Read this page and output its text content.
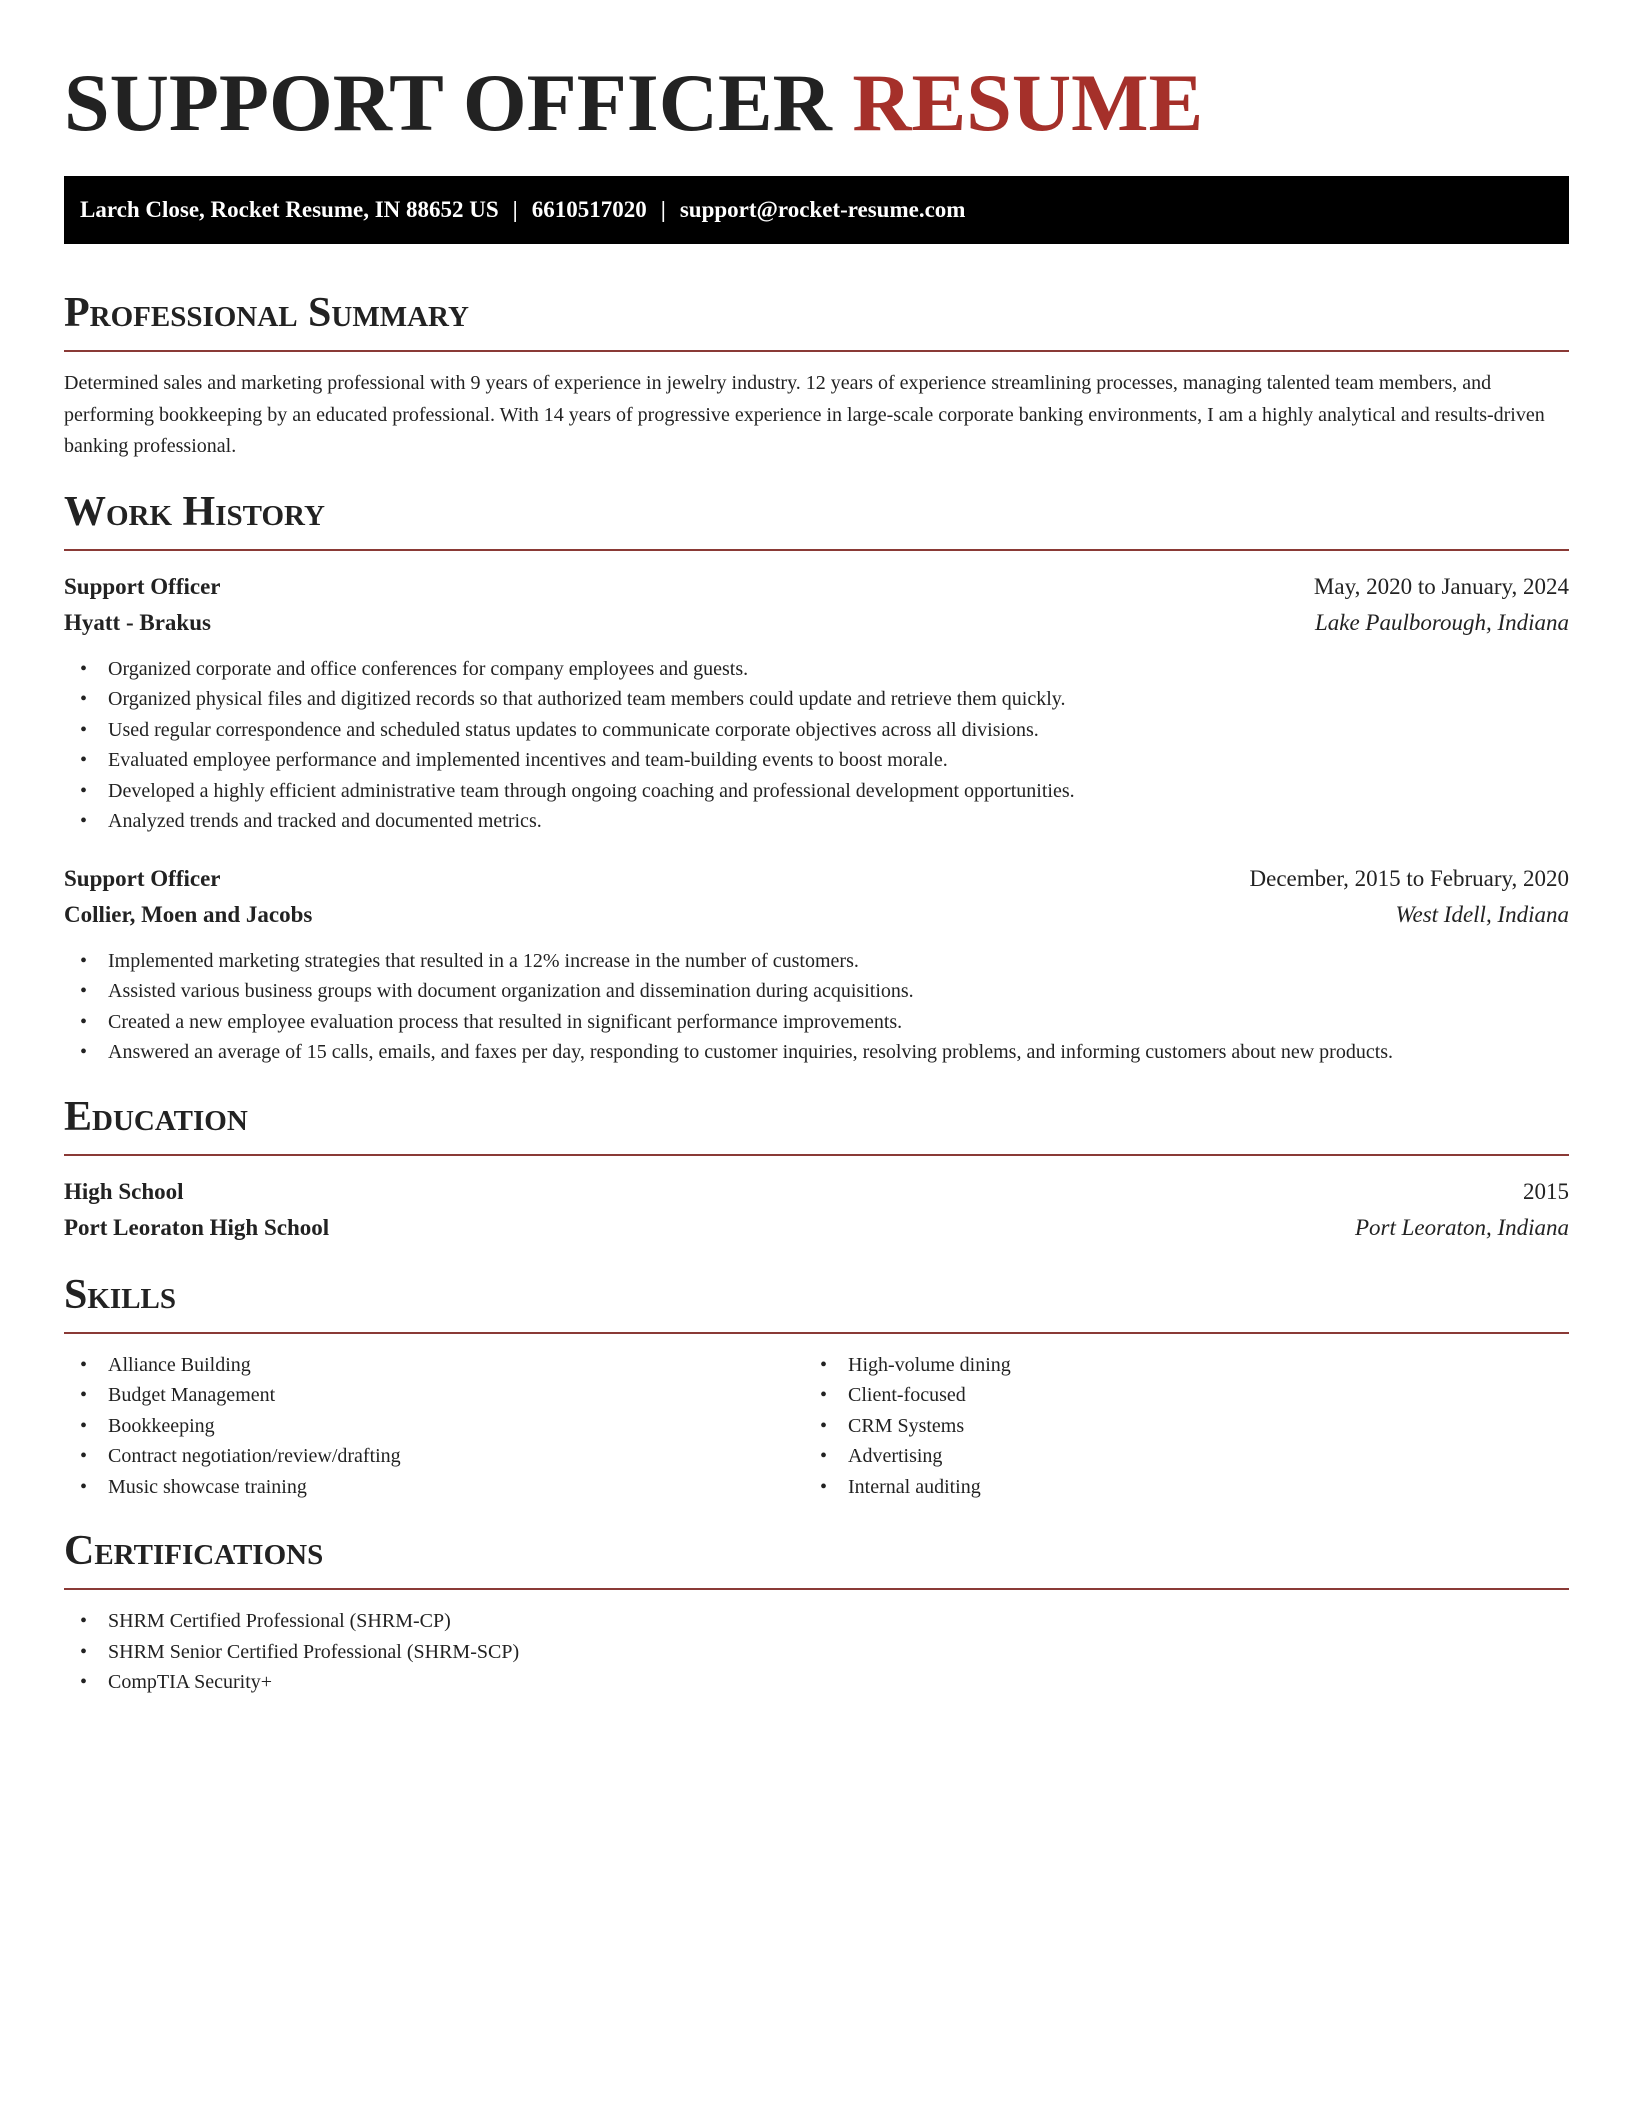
SUPPORT OFFICER RESUME
Larch Close, Rocket Resume, IN 88652 US | 6610517020 | support@rocket-resume.com
Professional Summary

Determined sales and marketing professional with 9 years of experience in jewelry industry. 12 years of experience streamlining processes, managing talented team members, and performing bookkeeping by an educated professional. With 14 years of progressive experience in large-scale corporate banking environments, I am a highly analytical and results-driven banking professional.

Work History
Support Officer	May, 2020 to January, 2024
Hyatt - Brakus	Lake Paulborough, Indiana
• Organized corporate and office conferences for company employees and guests.
• Organized physical files and digitized records so that authorized team members could update and retrieve them quickly.
• Used regular correspondence and scheduled status updates to communicate corporate objectives across all divisions.
• Evaluated employee performance and implemented incentives and team-building events to boost morale.
• Developed a highly efficient administrative team through ongoing coaching and professional development opportunities.
• Analyzed trends and tracked and documented metrics.
Support Officer	December, 2015 to February, 2020
Collier, Moen and Jacobs	West Idell, Indiana
• Implemented marketing strategies that resulted in a 12% increase in the number of customers.
• Assisted various business groups with document organization and dissemination during acquisitions.
• Created a new employee evaluation process that resulted in significant performance improvements.
• Answered an average of 15 calls, emails, and faxes per day, responding to customer inquiries, resolving problems, and informing customers about new products.
Education
High School	2015
Port Leoraton High School	Port Leoraton, Indiana
Skills
• Alliance Building
• Budget Management
• Bookkeeping
• Contract negotiation/review/drafting
• Music showcase training
• High-volume dining
• Client-focused
• CRM Systems
• Advertising
• Internal auditing
Certifications
• SHRM Certified Professional (SHRM-CP)
• SHRM Senior Certified Professional (SHRM-SCP)
• CompTIA Security+
